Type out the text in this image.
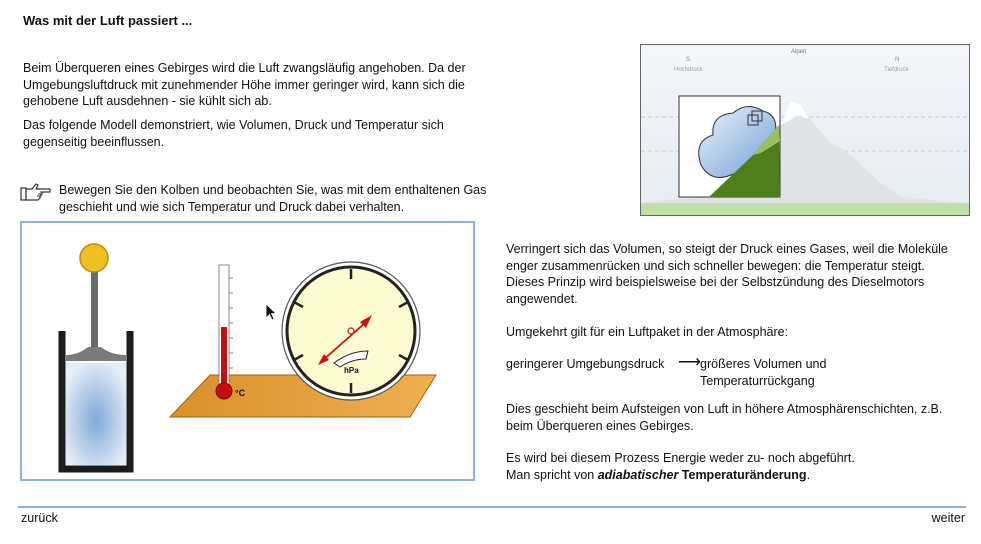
Was mit der Luft passiert ...
Beim Überqueren eines Gebirges wird die Luft zwangsläufig angehoben. Da der Umgebungsluftdruck mit zunehmender Höhe immer geringer wird, kann sich die gehobene Luft ausdehnen - sie kühlt sich ab.
Das folgende Modell demonstriert, wie Volumen, Druck und Temperatur sich gegenseitig beeinflussen.
Bewegen Sie den Kolben und beobachten Sie, was mit dem enthaltenen Gas geschieht und wie sich Temperatur und Druck dabei verhalten.
°C
hPa
Alpen
S
Hochdruck
N
Tiefdruck
Verringert sich das Volumen, so steigt der Druck eines Gases, weil die Moleküle enger zusammenrücken und sich schneller bewegen: die Temperatur steigt. Dieses Prinzip wird beispielsweise bei der Selbstzündung des Dieselmotors angewendet.
Umgekehrt gilt für ein Luftpaket in der Atmosphäre:
geringerer Umgebungsdruck ⟶ größeres Volumen und
Temperaturrückgang
Dies geschieht beim Aufsteigen von Luft in höhere Atmosphärenschichten, z.B. beim Überqueren eines Gebirges.
Es wird bei diesem Prozess Energie weder zu- noch abgeführt.
Man spricht von adiabatischer Temperaturänderung.
zurück	weiter
